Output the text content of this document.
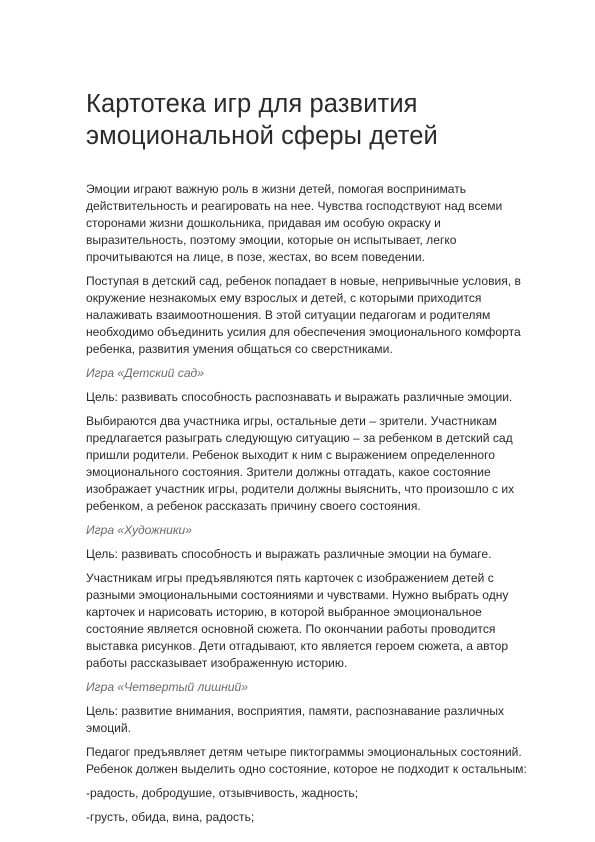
Картотека игр для развития
эмоциональной сферы детей

Эмоции играют важную роль в жизни детей, помогая воспринимать
действительность и реагировать на нее. Чувства господствуют над всеми
сторонами жизни дошкольника, придавая им особую окраску и
выразительность, поэтому эмоции, которые он испытывает, легко
прочитываются на лице, в позе, жестах, во всем поведении.

Поступая в детский сад, ребенок попадает в новые, непривычные условия, в
окружение незнакомых ему взрослых и детей, с которыми приходится
налаживать взаимоотношения. В этой ситуации педагогам и родителям
необходимо объединить усилия для обеспечения эмоционального комфорта
ребенка, развития умения общаться со сверстниками.

Игра «Детский сад»

Цель: развивать способность распознавать и выражать различные эмоции.

Выбираются два участника игры, остальные дети – зрители. Участникам
предлагается разыграть следующую ситуацию – за ребенком в детский сад
пришли родители. Ребенок выходит к ним с выражением определенного
эмоционального состояния. Зрители должны отгадать, какое состояние
изображает участник игры, родители должны выяснить, что произошло с их
ребенком, а ребенок рассказать причину своего состояния.

Игра «Художники»

Цель: развивать способность и выражать различные эмоции на бумаге.

Участникам игры предъявляются пять карточек с изображением детей с
разными эмоциональными состояниями и чувствами. Нужно выбрать одну
карточек и нарисовать историю, в которой выбранное эмоциональное
состояние является основной сюжета. По окончании работы проводится
выставка рисунков. Дети отгадывают, кто является героем сюжета, а автор
работы рассказывает изображенную историю.

Игра «Четвертый лишний»

Цель: развитие внимания, восприятия, памяти, распознавание различных
эмоций.

Педагог предъявляет детям четыре пиктограммы эмоциональных состояний.
Ребенок должен выделить одно состояние, которое не подходит к остальным:

-радость, добродушие, отзывчивость, жадность;

-грусть, обида, вина, радость;
